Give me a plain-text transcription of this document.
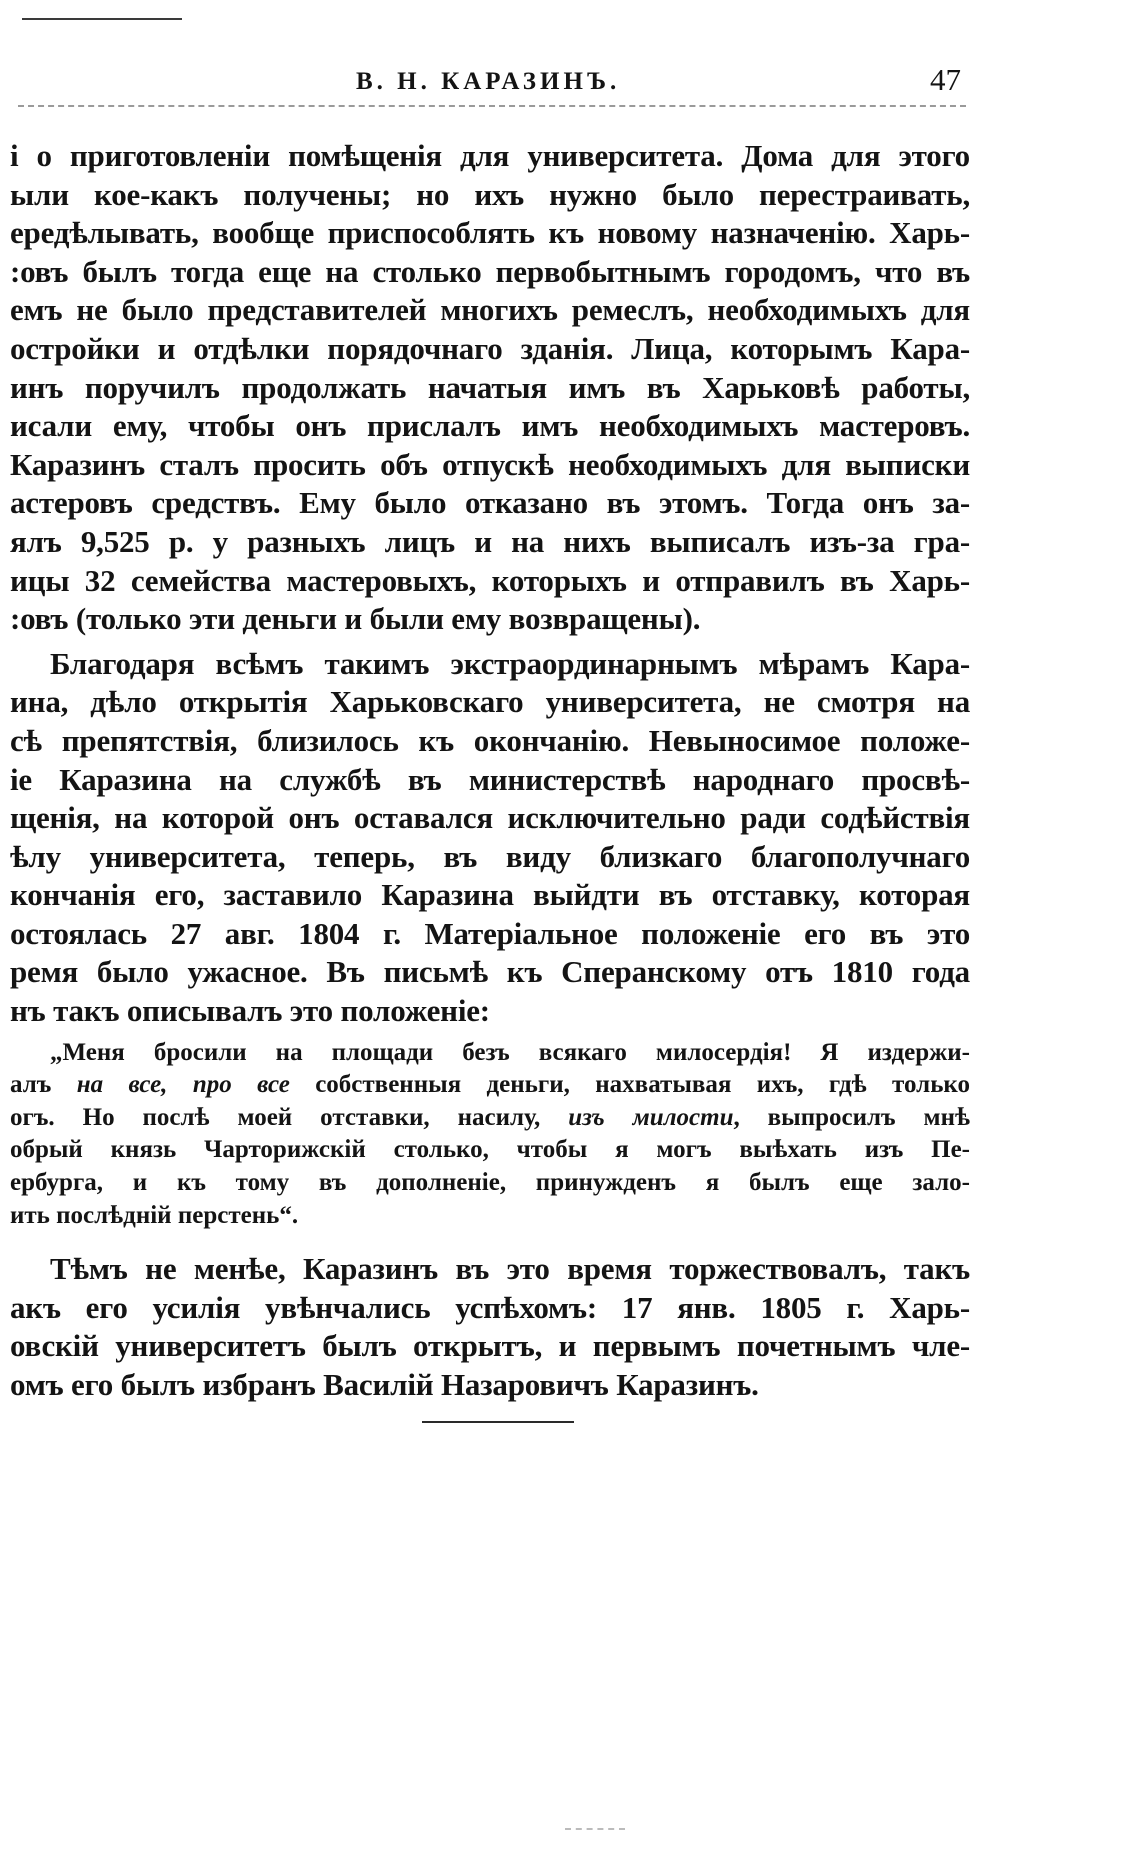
В. Н. КАРАЗИНЪ.	47
і о приготовленіи помѣщенія для университета. Дома для этого
ыли кое-какъ получены; но ихъ нужно было перестраивать,
ередѣлывать, вообще приспособлять къ новому назначенію. Харь-
:овъ былъ тогда еще на столько первобытнымъ городомъ, что въ
емъ не было представителей многихъ ремеслъ, необходимыхъ для
остройки и отдѣлки порядочнаго зданія. Лица, которымъ Кара-
инъ поручилъ продолжать начатыя имъ въ Харьковѣ работы,
исали ему, чтобы онъ прислалъ имъ необходимыхъ мастеровъ.
Каразинъ сталъ просить объ отпускѣ необходимыхъ для выписки
астеровъ средствъ. Ему было отказано въ этомъ. Тогда онъ за-
ялъ 9,525 р. у разныхъ лицъ и на нихъ выписалъ изъ-за гра-
ицы 32 семейства мастеровыхъ, которыхъ и отправилъ въ Харь-
:овъ (только эти деньги и были ему возвращены).
Благодаря всѣмъ такимъ экстраординарнымъ мѣрамъ Кара-
ина, дѣло открытія Харьковскаго университета, не смотря на
сѣ препятствія, близилось къ окончанію. Невыносимое положе-
іе Каразина на службѣ въ министерствѣ народнаго просвѣ-
щенія, на которой онъ оставался исключительно ради содѣйствія
ѣлу университета, теперь, въ виду близкаго благополучнаго
кончанія его, заставило Каразина выйдти въ отставку, которая
остоялась 27 авг. 1804 г. Матеріальное положеніе его въ это
ремя было ужасное. Въ письмѣ къ Сперанскому отъ 1810 года
нъ такъ описывалъ это положеніе:
„Меня бросили на площади безъ всякаго милосердія! Я издержи-
алъ на все, про все собственныя деньги, нахватывая ихъ, гдѣ только
огъ. Но послѣ моей отставки, насилу, изъ милости, выпросилъ мнѣ
обрый князь Чарторижскій столько, чтобы я могъ выѣхать изъ Пе-
ербурга, и къ тому въ дополненіе, принужденъ я былъ еще зало-
ить послѣдній перстень“.
Тѣмъ не менѣе, Каразинъ въ это время торжествовалъ, такъ
акъ его усилія увѣнчались успѣхомъ: 17 янв. 1805 г. Харь-
овскій университетъ былъ открытъ, и первымъ почетнымъ чле-
омъ его былъ избранъ Василій Назаровичъ Каразинъ.
